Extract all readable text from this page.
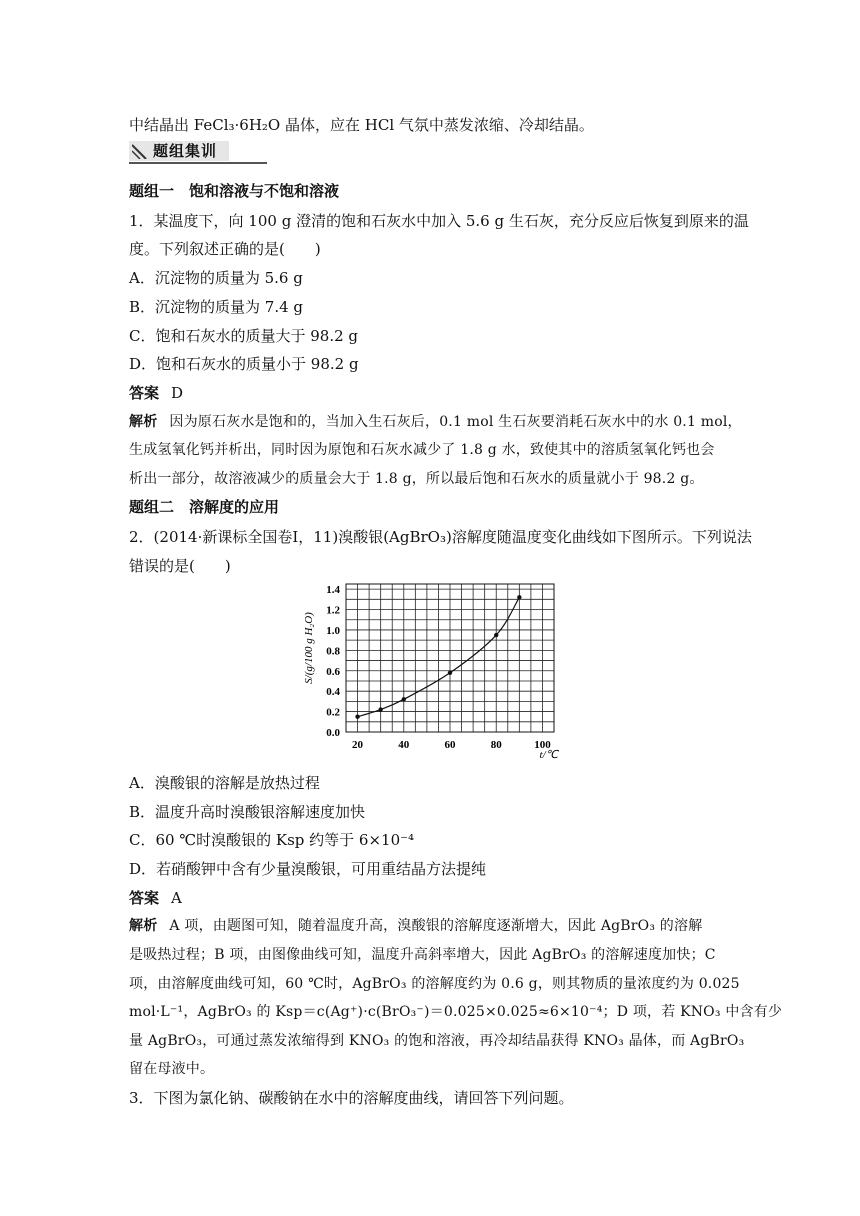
中结晶出 FeCl₃·6H₂O 晶体，应在 HCl 气氛中蒸发浓缩、冷却结晶。
题组集训
题组一　饱和溶液与不饱和溶液
1．某温度下，向 100 g 澄清的饱和石灰水中加入 5.6 g 生石灰，充分反应后恢复到原来的温
度。下列叙述正确的是(　　)
A．沉淀物的质量为 5.6 g
B．沉淀物的质量为 7.4 g
C．饱和石灰水的质量大于 98.2 g
D．饱和石灰水的质量小于 98.2 g
答案 D
解析 因为原石灰水是饱和的，当加入生石灰后，0.1 mol 生石灰要消耗石灰水中的水 0.1 mol，
生成氢氧化钙并析出，同时因为原饱和石灰水减少了 1.8 g 水，致使其中的溶质氢氧化钙也会
析出一部分，故溶液减少的质量会大于 1.8 g，所以最后饱和石灰水的质量就小于 98.2 g。
题组二　溶解度的应用
2．(2014·新课标全国卷Ⅰ，11)溴酸银(AgBrO₃)溶解度随温度变化曲线如下图所示。下列说法
错误的是(　　)
0.0
0.2
0.4
0.6
0.8
1.0
1.2
1.4
20	40	60	80	100
t/℃
S/(g/100 g H₂O)
A．溴酸银的溶解是放热过程
B．温度升高时溴酸银溶解速度加快
C．60 ℃时溴酸银的 Ksp 约等于 6×10⁻⁴
D．若硝酸钾中含有少量溴酸银，可用重结晶方法提纯
答案 A
解析 A 项，由题图可知，随着温度升高，溴酸银的溶解度逐渐增大，因此 AgBrO₃ 的溶解
是吸热过程；B 项，由图像曲线可知，温度升高斜率增大，因此 AgBrO₃ 的溶解速度加快；C
项，由溶解度曲线可知，60 ℃时，AgBrO₃ 的溶解度约为 0.6 g，则其物质的量浓度约为 0.025
mol·L⁻¹，AgBrO₃ 的 Ksp＝c(Ag⁺)·c(BrO₃⁻)＝0.025×0.025≈6×10⁻⁴；D 项，若 KNO₃ 中含有少
量 AgBrO₃，可通过蒸发浓缩得到 KNO₃ 的饱和溶液，再冷却结晶获得 KNO₃ 晶体，而 AgBrO₃
留在母液中。
3．下图为氯化钠、碳酸钠在水中的溶解度曲线，请回答下列问题。
